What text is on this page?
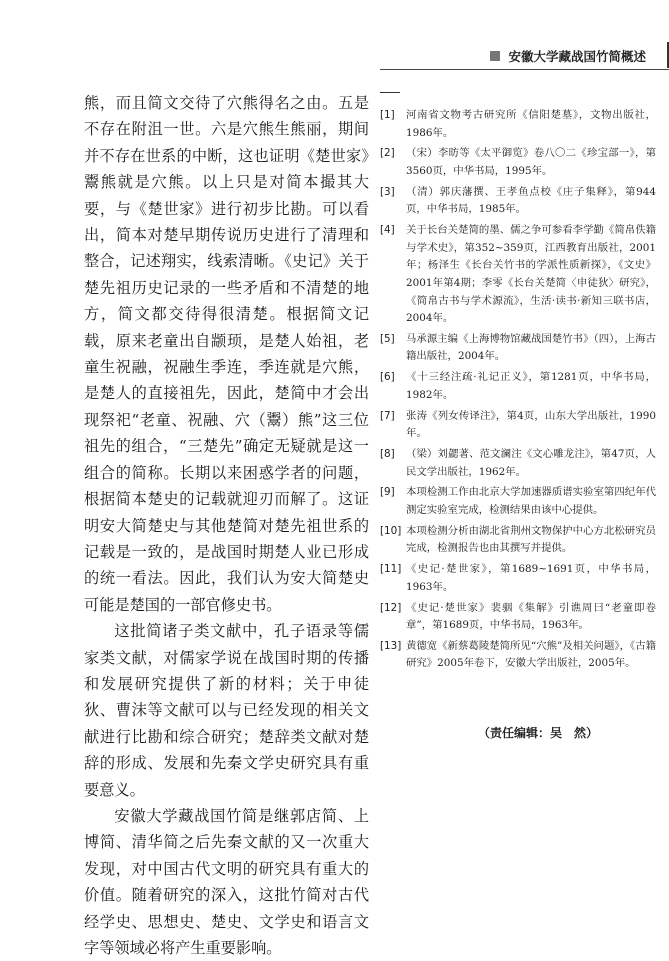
安徽大学藏战国竹简概述

熊，而且简文交待了穴熊得名之由。五是不存在附沮一世。六是穴熊生熊丽，期间并不存在世系的中断，这也证明《楚世家》鬻熊就是穴熊。以上只是对简本撮其大要，与《楚世家》进行初步比勘。可以看出，简本对楚早期传说历史进行了清理和整合，记述翔实，线索清晰。《史记》关于楚先祖历史记录的一些矛盾和不清楚的地方，简文都交待得很清楚。根据简文记载，原来老童出自颛顼，是楚人始祖，老童生祝融，祝融生季连，季连就是穴熊，是楚人的直接祖先，因此，楚简中才会出现祭祀“老童、祝融、穴（鬻）熊”这三位祖先的组合，“三楚先”确定无疑就是这一组合的简称。长期以来困惑学者的问题，根据简本楚史的记载就迎刃而解了。这证明安大简楚史与其他楚简对楚先祖世系的记载是一致的，是战国时期楚人业已形成的统一看法。因此，我们认为安大简楚史可能是楚国的一部官修史书。

这批简诸子类文献中，孔子语录等儒家类文献，对儒家学说在战国时期的传播和发展研究提供了新的材料；关于申徒狄、曹沫等文献可以与已经发现的相关文献进行比勘和综合研究；楚辞类文献对楚辞的形成、发展和先秦文学史研究具有重要意义。

安徽大学藏战国竹简是继郭店简、上博简、清华简之后先秦文献的又一次重大发现，对中国古代文明的研究具有重大的价值。随着研究的深入，这批竹简对古代经学史、思想史、楚史、文学史和语言文字等领域必将产生重要影响。

[1]	河南省文物考古研究所《信阳楚墓》，文物出版社，1986年。
[2]	（宋）李昉等《太平御览》卷八〇二《珍宝部一》，第3560页，中华书局，1995年。
[3]	（清）郭庆藩撰、王孝鱼点校《庄子集释》，第944页，中华书局，1985年。
[4]	关于长台关楚简的墨、儒之争可参看李学勤《简帛佚籍与学术史》，第352~359页，江西教育出版社，2001年；杨泽生《长台关竹书的学派性质新探》，《文史》2001年第4期；李零《长台关楚简〈申徒狄〉研究》，《简帛古书与学术源流》，生活·读书·新知三联书店，2004年。
[5]	马承源主编《上海博物馆藏战国楚竹书》（四），上海古籍出版社，2004年。
[6]	《十三经注疏·礼记正义》，第1281页，中华书局，1982年。
[7]	张涛《列女传译注》，第4页，山东大学出版社，1990年。
[8]	（梁）刘勰著、范文澜注《文心雕龙注》，第47页，人民文学出版社，1962年。
[9]	本项检测工作由北京大学加速器质谱实验室第四纪年代测定实验室完成，检测结果由该中心提供。
[10] 本项检测分析由湖北省荆州文物保护中心方北松研究员完成，检测报告也由其撰写并提供。
[11] 《史记·楚世家》，第1689~1691页，中华书局，1963年。
[12] 《史记·楚世家》裴骃《集解》引谯周曰“老童即卷章”，第1689页，中华书局，1963年。
[13] 黄德宽《新蔡葛陵楚简所见“穴熊”及相关问题》，《古籍研究》2005年卷下，安徽大学出版社，2005年。
（责任编辑：吴　然）
